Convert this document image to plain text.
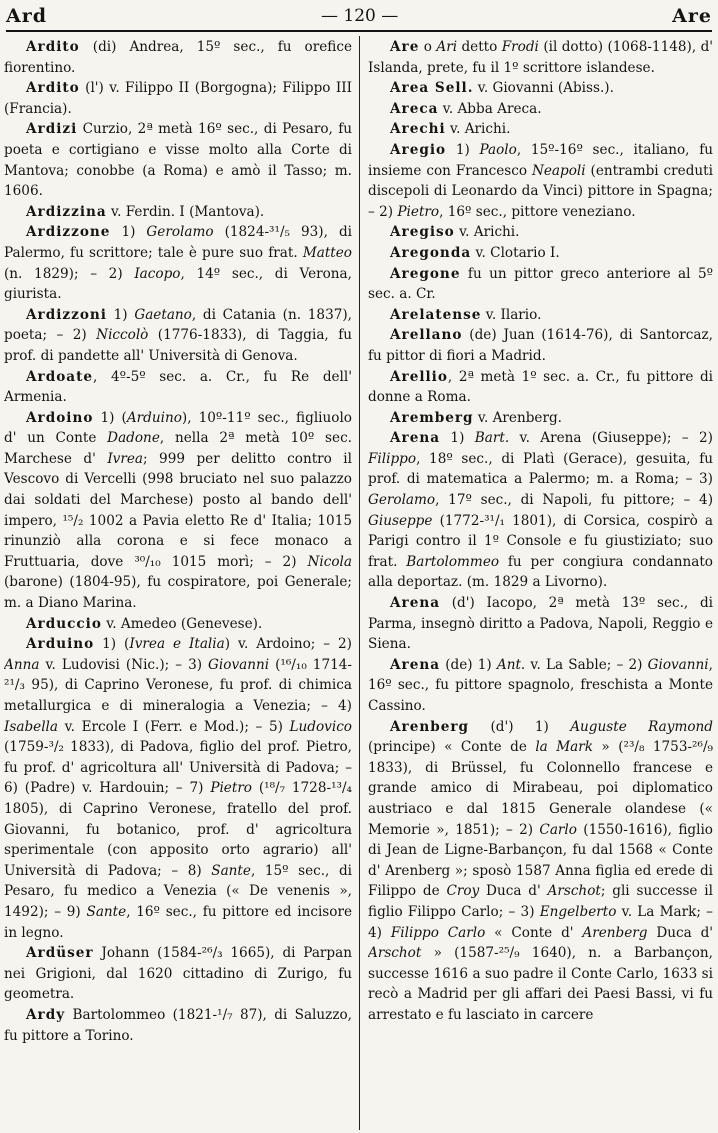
Ard	— 120 —	Are

Ardito (di) Andrea, 15º sec., fu orefice fiorentino.

Ardito (l') v. Filippo II (Borgogna); Filippo III (Francia).

Ardizi Curzio, 2ª metà 16º sec., di Pesaro, fu poeta e cortigiano e visse molto alla Corte di Mantova; conobbe (a Roma) e amò il Tasso; m. 1606.

Ardizzina v. Ferdin. I (Mantova).

Ardizzone 1) Gerolamo (1824-³¹/₅ 93), di Palermo, fu scrittore; tale è pure suo frat. Matteo (n. 1829); – 2) Iacopo, 14º sec., di Verona, giurista.

Ardizzoni 1) Gaetano, di Catania (n. 1837), poeta; – 2) Niccolò (1776-1833), di Taggia, fu prof. di pandette all' Università di Genova.

Ardoate, 4º-5º sec. a. Cr., fu Re dell' Armenia.

Ardoino 1) (Arduino), 10º-11º sec., figliuolo d' un Conte Dadone, nella 2ª metà 10º sec. Marchese d' Ivrea; 999 per delitto contro il Vescovo di Vercelli (998 bruciato nel suo palazzo dai soldati del Marchese) posto al bando dell' impero, ¹⁵/₂ 1002 a Pavia eletto Re d' Italia; 1015 rinunziò alla corona e si fece monaco a Fruttuaria, dove ³⁰/₁₀ 1015 morì; – 2) Nicola (barone) (1804-95), fu cospiratore, poi Generale; m. a Diano Marina.

Arduccio v. Amedeo (Genevese).

Arduino 1) (Ivrea e Italia) v. Ardoino; – 2) Anna v. Ludovisi (Nic.); – 3) Giovanni (¹⁶/₁₀ 1714-²¹/₃ 95), di Caprino Veronese, fu prof. di chimica metallurgica e di mineralogia a Venezia; – 4) Isabella v. Ercole I (Ferr. e Mod.); – 5) Ludovico (1759-³/₂ 1833), di Padova, figlio del prof. Pietro, fu prof. d' agricoltura all' Università di Padova; – 6) (Padre) v. Hardouin; – 7) Pietro (¹⁸/₇ 1728-¹³/₄ 1805), di Caprino Veronese, fratello del prof. Giovanni, fu botanico, prof. d' agricoltura sperimentale (con apposito orto agrario) all' Università di Padova; – 8) Sante, 15º sec., di Pesaro, fu medico a Venezia (« De venenis », 1492); – 9) Sante, 16º sec., fu pittore ed incisore in legno.

Ardüser Johann (1584-²⁶/₃ 1665), di Parpan nei Grigioni, dal 1620 cittadino di Zurigo, fu geometra.

Ardy Bartolommeo (1821-¹/₇ 87), di Saluzzo, fu pittore a Torino.

Are o Ari detto Frodi (il dotto) (1068-1148), d' Islanda, prete, fu il 1º scrittore islandese.

Area Sell. v. Giovanni (Abiss.).

Areca v. Abba Areca.

Arechi v. Arichi.

Aregio 1) Paolo, 15º-16º sec., italiano, fu insieme con Francesco Neapoli (entrambi creduti discepoli di Leonardo da Vinci) pittore in Spagna; – 2) Pietro, 16º sec., pittore veneziano.

Aregiso v. Arichi.

Aregonda v. Clotario I.

Aregone fu un pittor greco anteriore al 5º sec. a. Cr.

Arelatense v. Ilario.

Arellano (de) Juan (1614-76), di Santorcaz, fu pittor di fiori a Madrid.

Arellio, 2ª metà 1º sec. a. Cr., fu pittore di donne a Roma.

Aremberg v. Arenberg.

Arena 1) Bart. v. Arena (Giuseppe); – 2) Filippo, 18º sec., di Platì (Gerace), gesuita, fu prof. di matematica a Palermo; m. a Roma; – 3) Gerolamo, 17º sec., di Napoli, fu pittore; – 4) Giuseppe (1772-³¹/₁ 1801), di Corsica, cospirò a Parigi contro il 1º Console e fu giustiziato; suo frat. Bartolommeo fu per congiura condannato alla deportaz. (m. 1829 a Livorno).

Arena (d') Iacopo, 2ª metà 13º sec., di Parma, insegnò diritto a Padova, Napoli, Reggio e Siena.

Arena (de) 1) Ant. v. La Sable; – 2) Giovanni, 16º sec., fu pittore spagnolo, freschista a Monte Cassino.

Arenberg (d') 1) Auguste Raymond (principe) « Conte de la Mark » (²³/₈ 1753-²⁶/₉ 1833), di Brüssel, fu Colonnello francese e grande amico di Mirabeau, poi diplomatico austriaco e dal 1815 Generale olandese (« Memorie », 1851); – 2) Carlo (1550-1616), figlio di Jean de Ligne-Barbançon, fu dal 1568 « Conte d' Arenberg »; sposò 1587 Anna figlia ed erede di Filippo de Croy Duca d' Arschot; gli successe il figlio Filippo Carlo; – 3) Engelberto v. La Mark; – 4) Filippo Carlo « Conte d' Arenberg Duca d' Arschot » (1587-²⁵/₉ 1640), n. a Barbançon, successe 1616 a suo padre il Conte Carlo, 1633 si recò a Madrid per gli affari dei Paesi Bassi, vi fu arrestato e fu lasciato in carcere
